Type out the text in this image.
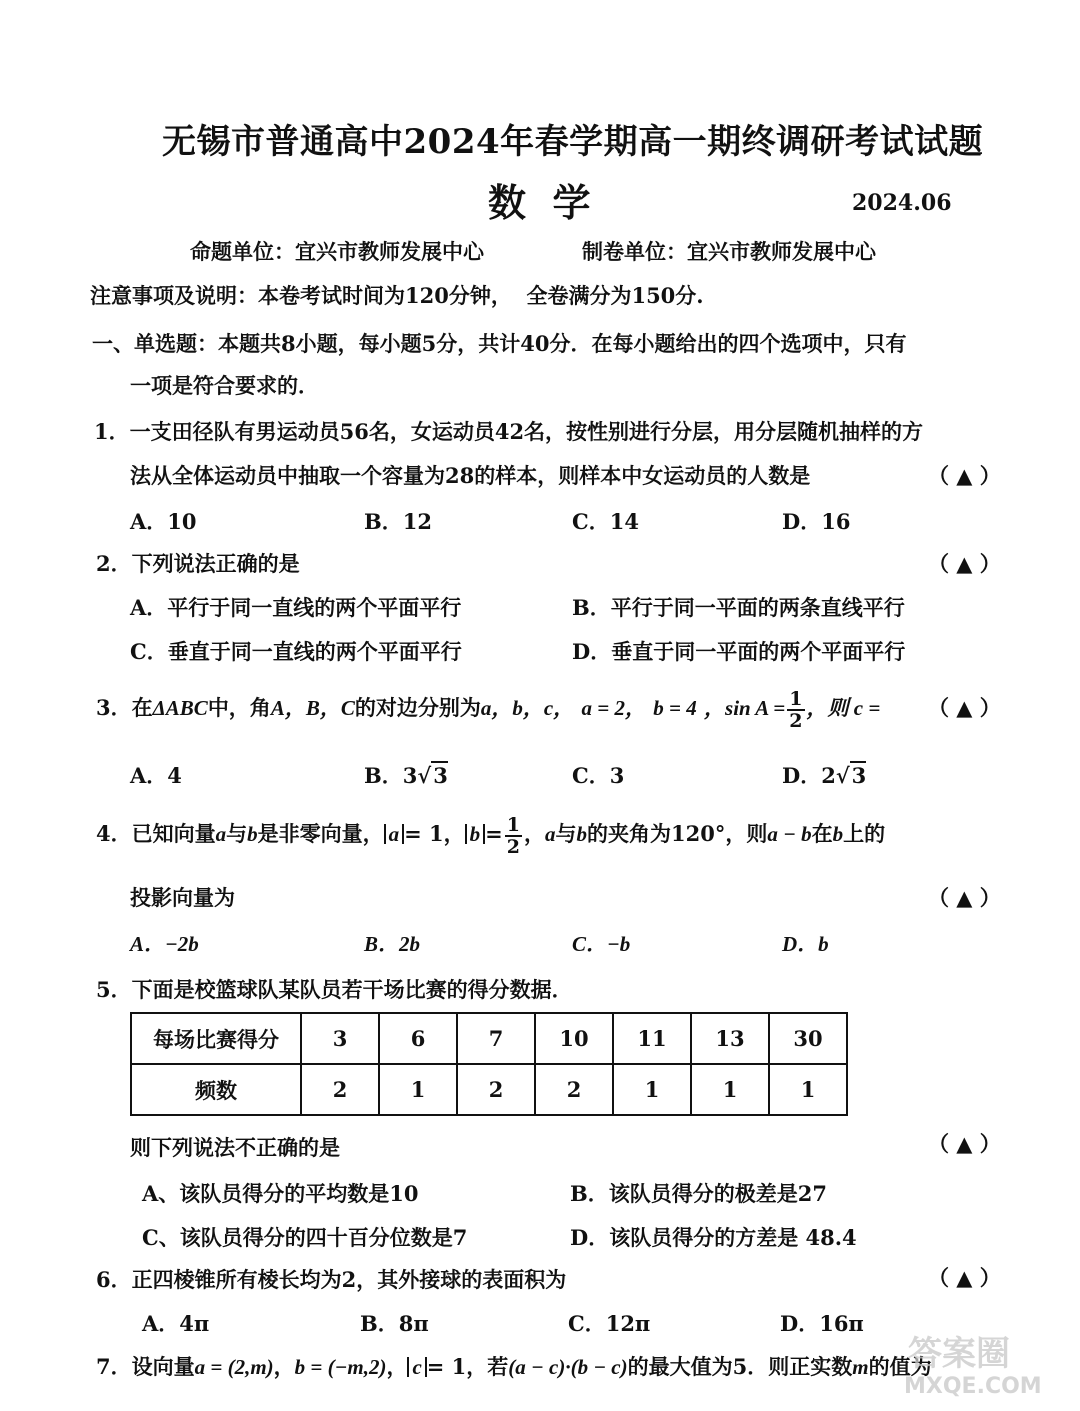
无锡市普通高中2024年春学期高一期终调研考试试题
数  学	2024.06
命题单位：宜兴市教师发展中心	制卷单位：宜兴市教师发展中心
注意事项及说明：本卷考试时间为120分钟，  全卷满分为150分.
一、单选题：本题共8小题，每小题5分，共计40分．在每小题给出的四个选项中，只有
一项是符合要求的．
1．一支田径队有男运动员56名，女运动员42名，按性别进行分层，用分层随机抽样的方
法从全体运动员中抽取一个容量为28的样本，则样本中女运动员的人数是	（ ▲ ）
A．10	B．12	C．14	D．16
2．下列说法正确的是	（ ▲ ）
A．平行于同一直线的两个平面平行	B．平行于同一平面的两条直线平行
C．垂直于同一直线的两个平面平行	D．垂直于同一平面的两个平面平行
3．在ΔABC中，角A，B，C的对边分别为a，b，c， a = 2， b = 4 ，$\sin A = \frac{1}{2}$ ，则 c = （ ▲ ）
A．4	B．3√3	C．3	D．2√3
4．已知向量a与b是非零向量， a = 1， $b = \frac{1}{2}$ ，a与b的夹角为120°，则a − b在b上的
投影向量为	（ ▲ ）
A．−2b	B．2b	C．−b	D．b
5．下面是校篮球队某队员若干场比赛的得分数据．
每场比赛得分	3	6	7	10	11	13	30
频数	2	1	2	2	1	1	1
则下列说法不正确的是	（ ▲ ）
A、该队员得分的平均数是10	B．该队员得分的极差是27
C、该队员得分的四十百分位数是7	D．该队员得分的方差是 48.4
6．正四棱锥所有棱长均为2，其外接球的表面积为	（ ▲ ）
A．4π	B．8π	C．12π	D．16π
7．设向量a = (2,m)，b = (−m,2)， c = 1，若(a − c)·(b − c)的最大值为5．则正实数m的值为
答案圈
MXQE.COM
